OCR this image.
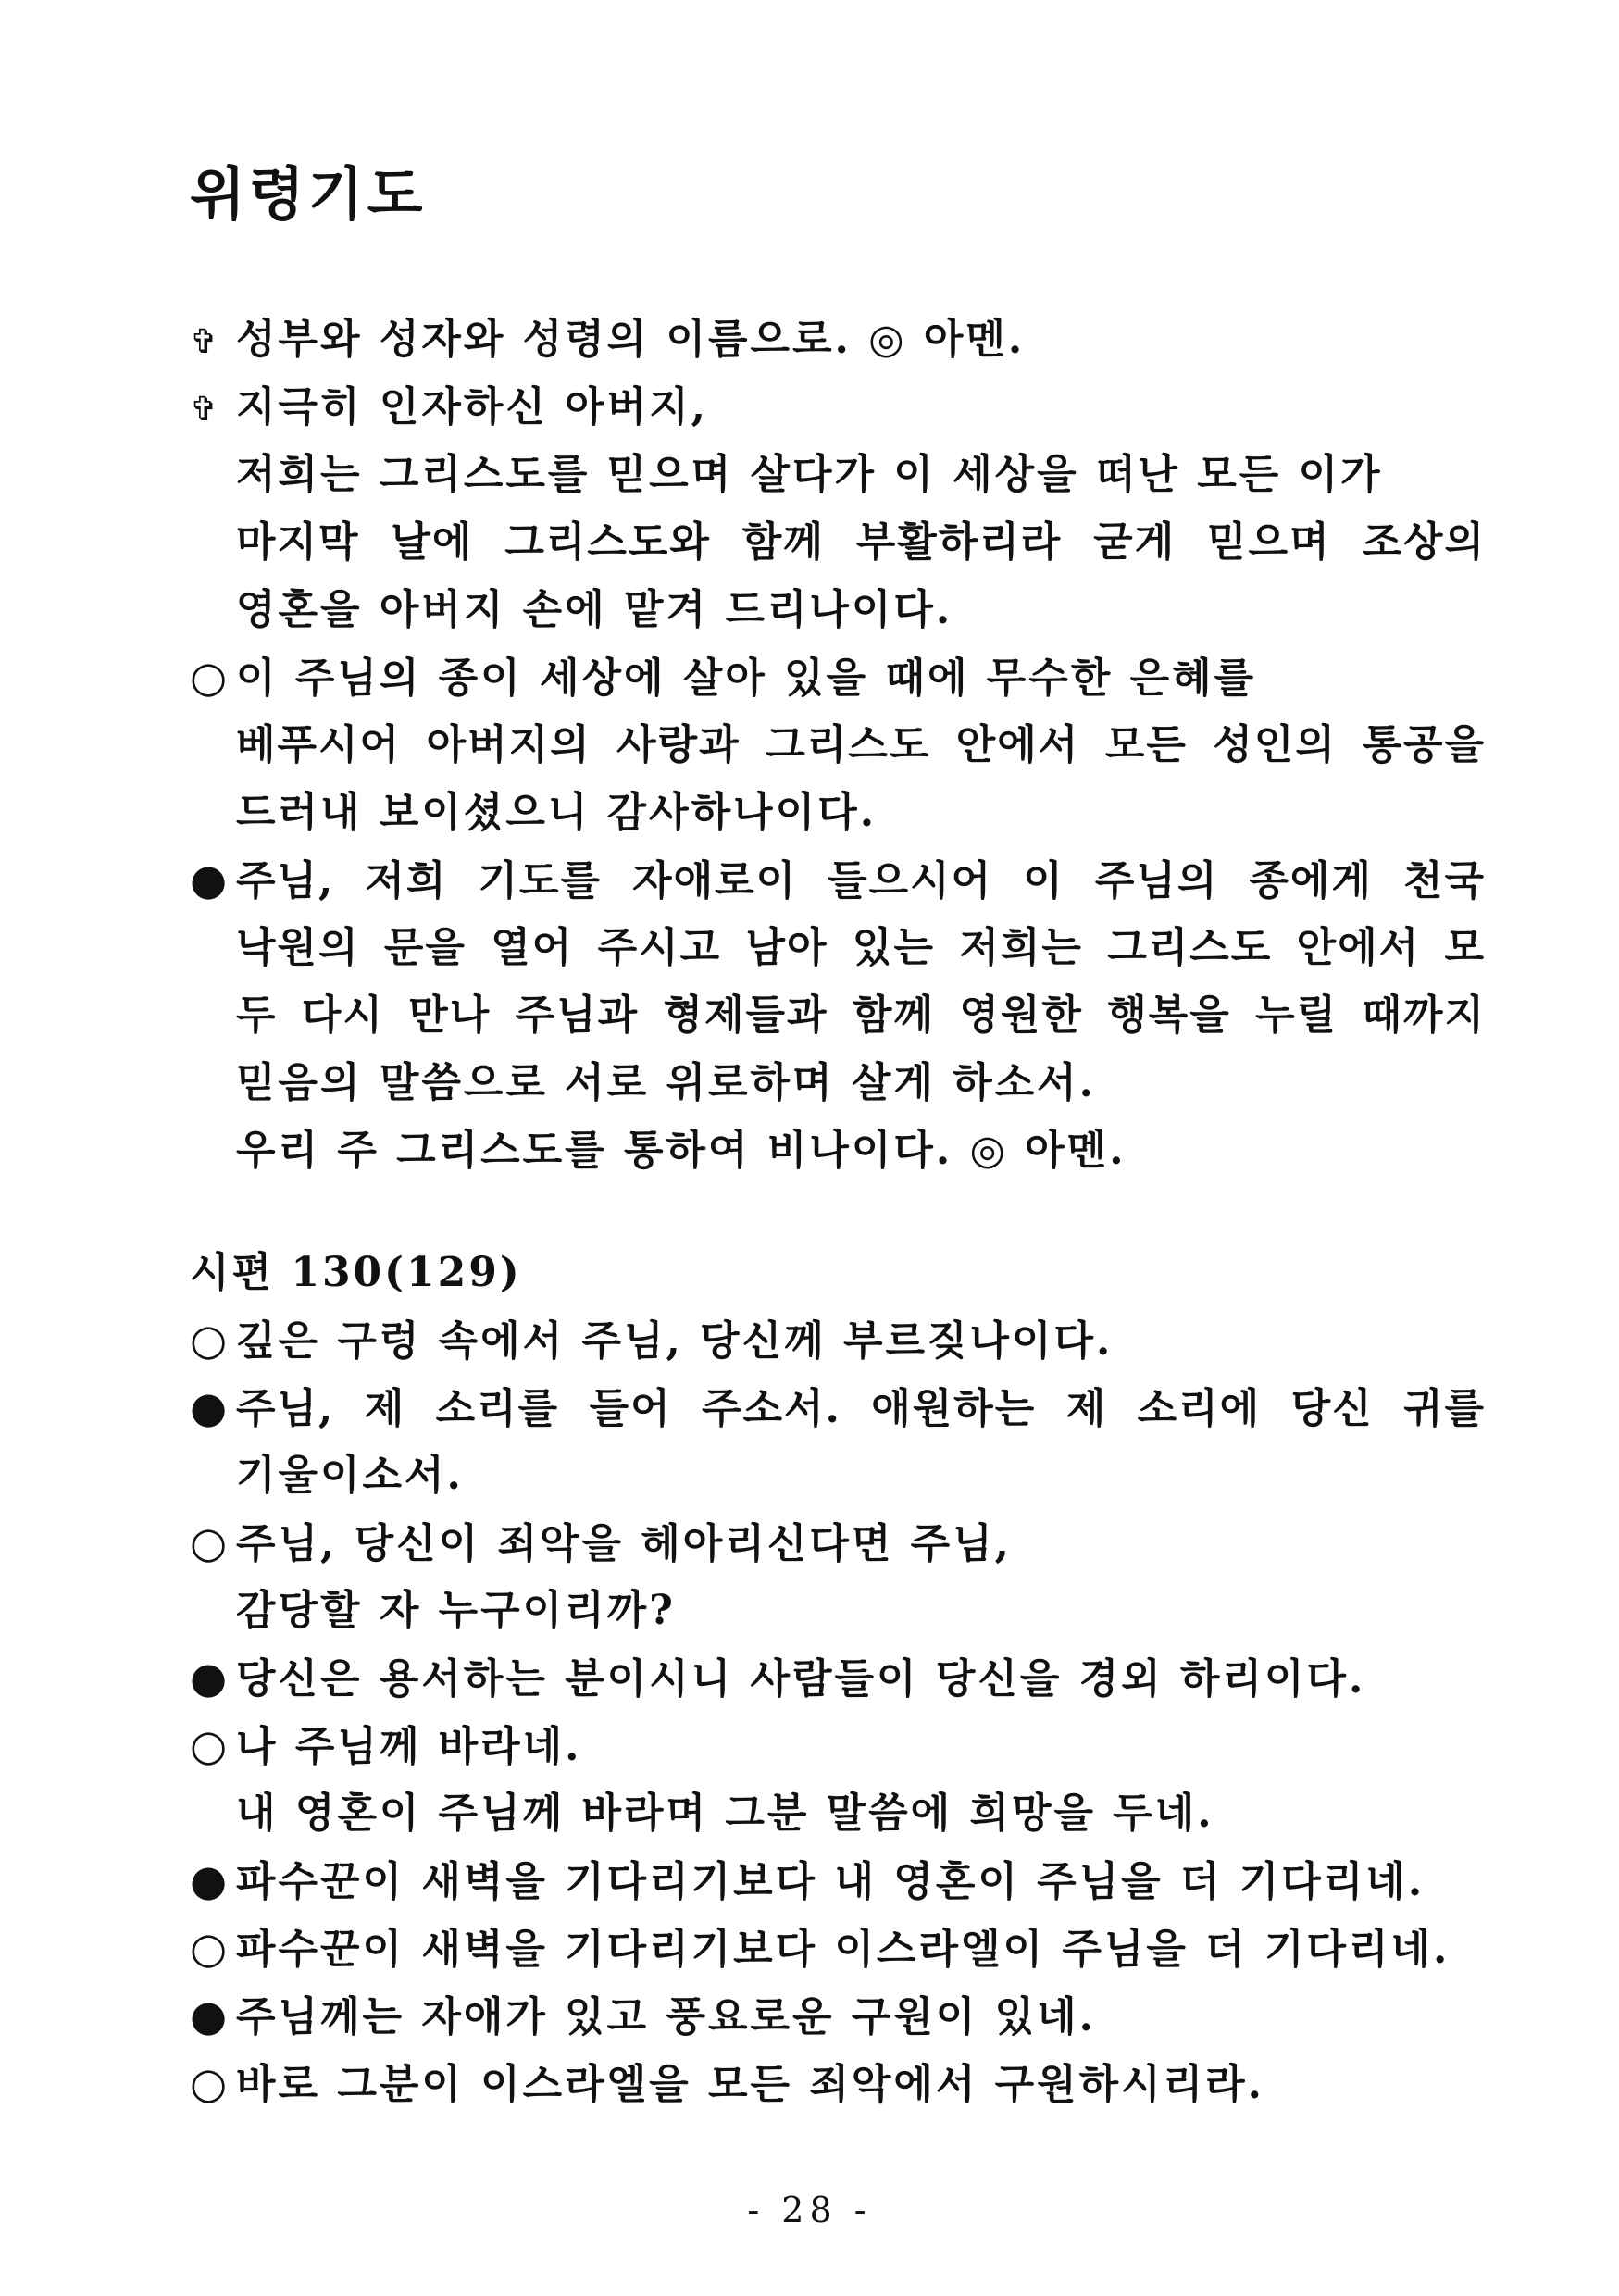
위령기도
✞ 성부와 성자와 성령의 이름으로. ◎ 아멘.
✞ 지극히 인자하신 아버지,
저희는 그리스도를 믿으며 살다가 이 세상을 떠난 모든 이가
마지막 날에 그리스도와 함께 부활하리라 굳게 믿으며 조상의
영혼을 아버지 손에 맡겨 드리나이다.
○ 이 주님의 종이 세상에 살아 있을 때에 무수한 은혜를
베푸시어 아버지의 사랑과 그리스도 안에서 모든 성인의 통공을
드러내 보이셨으니 감사하나이다.
● 주님, 저희 기도를 자애로이 들으시어 이 주님의 종에게 천국
낙원의 문을 열어 주시고 남아 있는 저희는 그리스도 안에서 모
두 다시 만나 주님과 형제들과 함께 영원한 행복을 누릴 때까지
믿음의 말씀으로 서로 위로하며 살게 하소서.
우리 주 그리스도를 통하여 비나이다. ◎ 아멘.
시편 130(129)
○ 깊은 구렁 속에서 주님, 당신께 부르짖나이다.
● 주님, 제 소리를 들어 주소서. 애원하는 제 소리에 당신 귀를
기울이소서.
○ 주님, 당신이 죄악을 헤아리신다면 주님,
감당할 자 누구이리까?
● 당신은 용서하는 분이시니 사람들이 당신을 경외 하리이다.
○ 나 주님께 바라네.
내 영혼이 주님께 바라며 그분 말씀에 희망을 두네.
● 파수꾼이 새벽을 기다리기보다 내 영혼이 주님을 더 기다리네.
○ 파수꾼이 새벽을 기다리기보다 이스라엘이 주님을 더 기다리네.
● 주님께는 자애가 있고 풍요로운 구원이 있네.
○ 바로 그분이 이스라엘을 모든 죄악에서 구원하시리라.
- 28 -
